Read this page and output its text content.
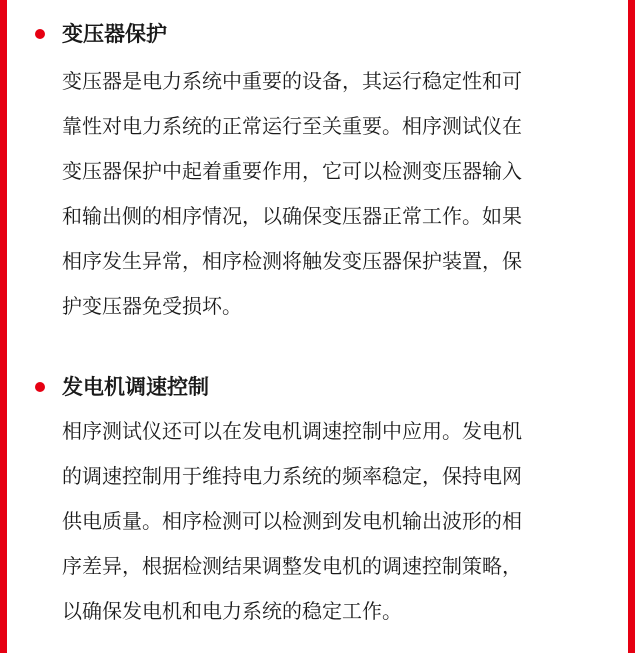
变压器保护

变压器是电力系统中重要的设备，其运行稳定性和可
靠性对电力系统的正常运行至关重要。相序测试仪在
变压器保护中起着重要作用，它可以检测变压器输入
和输出侧的相序情况，以确保变压器正常工作。如果
相序发生异常，相序检测将触发变压器保护装置，保
护变压器免受损坏。

发电机调速控制

相序测试仪还可以在发电机调速控制中应用。发电机
的调速控制用于维持电力系统的频率稳定，保持电网
供电质量。相序检测可以检测到发电机输出波形的相
序差异，根据检测结果调整发电机的调速控制策略，
以确保发电机和电力系统的稳定工作。
